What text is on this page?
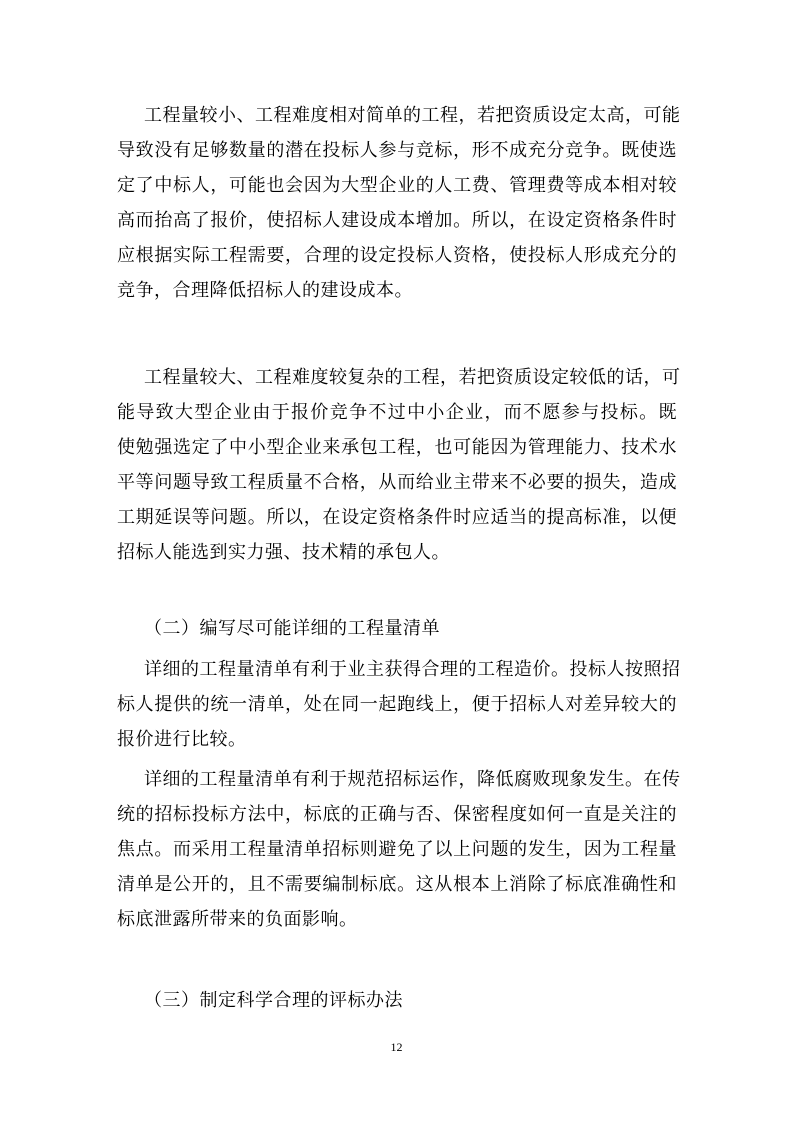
工程量较小、工程难度相对简单的工程，若把资质设定太高，可能
导致没有足够数量的潜在投标人参与竞标，形不成充分竞争。既使选
定了中标人，可能也会因为大型企业的人工费、管理费等成本相对较
高而抬高了报价，使招标人建设成本增加。所以，在设定资格条件时
应根据实际工程需要，合理的设定投标人资格，使投标人形成充分的
竞争，合理降低招标人的建设成本。
工程量较大、工程难度较复杂的工程，若把资质设定较低的话，可
能导致大型企业由于报价竞争不过中小企业，而不愿参与投标。既
使勉强选定了中小型企业来承包工程，也可能因为管理能力、技术水
平等问题导致工程质量不合格，从而给业主带来不必要的损失，造成
工期延误等问题。所以，在设定资格条件时应适当的提高标准，以便
招标人能选到实力强、技术精的承包人。
（二）编写尽可能详细的工程量清单
详细的工程量清单有利于业主获得合理的工程造价。投标人按照招
标人提供的统一清单，处在同一起跑线上，便于招标人对差异较大的
报价进行比较。
详细的工程量清单有利于规范招标运作，降低腐败现象发生。在传
统的招标投标方法中，标底的正确与否、保密程度如何一直是关注的
焦点。而采用工程量清单招标则避免了以上问题的发生，因为工程量
清单是公开的，且不需要编制标底。这从根本上消除了标底准确性和
标底泄露所带来的负面影响。
（三）制定科学合理的评标办法
12
